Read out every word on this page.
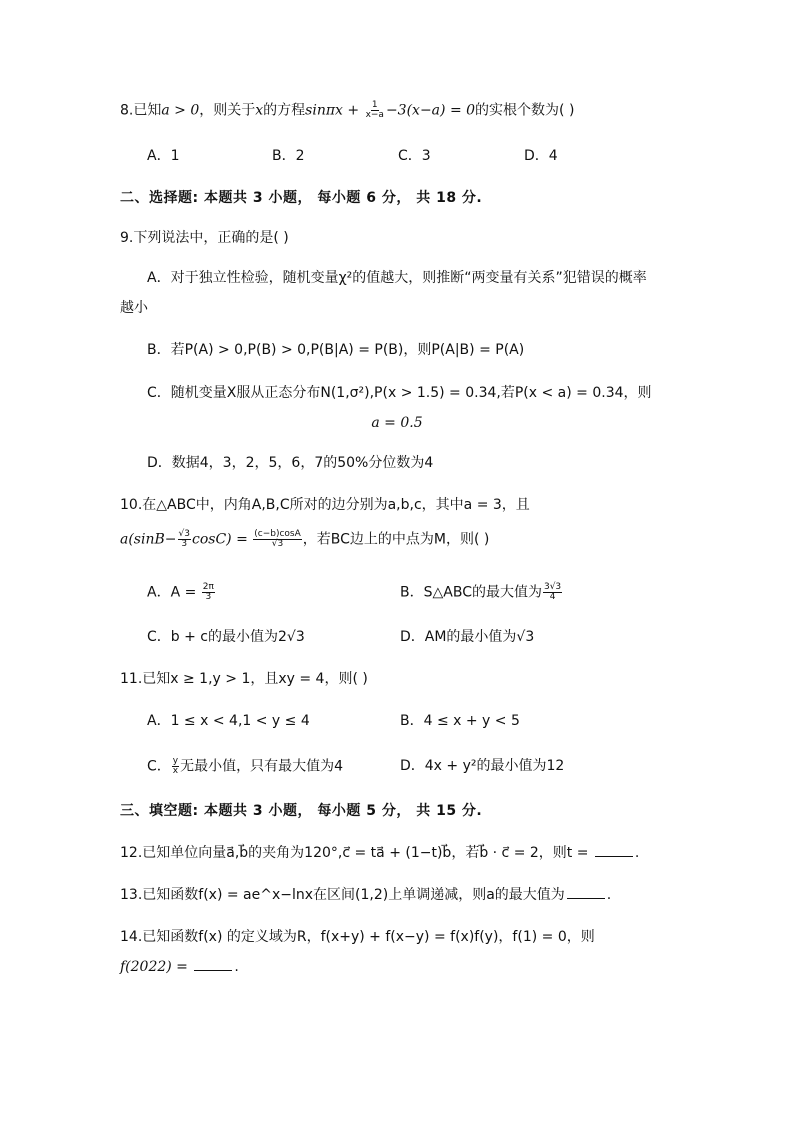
8.已知a > 0，则关于x的方程$\sin\pi x + \frac{1}{x-a} -3(x-a) = 0$的实根个数为( )
A．1	B．2	C．3	D．4
二、选择题: 本题共 3 小题， 每小题 6 分， 共 18 分.
9.下列说法中，正确的是( )
A．对于独立性检验，随机变量χ²的值越大，则推断“两变量有关系”犯错误的概率
越小
B．若P(A) > 0,P(B) > 0,P(B|A) = P(B)，则P(A|B) = P(A)
C．随机变量X服从正态分布N(1,σ²),P(x > 1.5) = 0.34,若P(x < a) = 0.34，则
a = 0.5
D．数据4，3，2，5，6，7的50%分位数为4
10.在△ABC中，内角A,B,C所对的边分别为a,b,c，其中a = 3，且
$a(\sin B- \frac{√3}{3} \cos C) = \frac{(c-b)\cos A}{√3}$ ，若BC边上的中点为M，则( )
A．$A = \frac{2\pi}{3}$	B．S△ABC的最大值为 $\frac{3√3}{4}$
C．b + c的最小值为2√3	D．AM的最小值为√3
11.已知x ≥ 1,y > 1，且xy = 4，则( )
A．1 ≤ x < 4,1 < y ≤ 4	B．4 ≤ x + y < 5
C． $\frac{y}{x}$ 无最小值，只有最大值为4	D．4x + y²的最小值为12
三、填空题: 本题共 3 小题， 每小题 5 分， 共 15 分.
12.已知单位向量a⃗,b⃗的夹角为120°,c⃗ = ta⃗ + (1−t)b⃗，若b⃗ · c⃗ = 2，则t =	.
13.已知函数f(x) = ae^x−lnx在区间(1,2)上单调递减，则a的最大值为	.
14.已知函数f(x) 的定义域为R，f(x+y) + f(x−y) = f(x)f(y)，f(1) = 0，则
f(2022) =	.
